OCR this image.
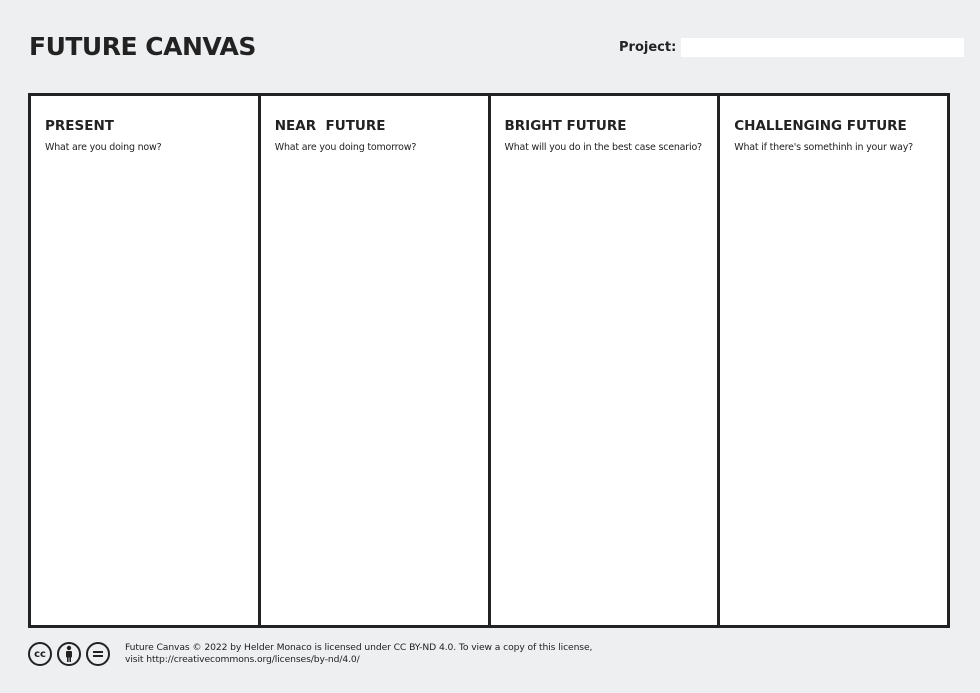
FUTURE CANVAS	Project:
PRESENT
What are you doing now?
NEAR  FUTURE
What are you doing tomorrow?
BRIGHT FUTURE
What will you do in the best case scenario?
CHALLENGING FUTURE
What if there's somethinh in your way?
cc
Future Canvas © 2022 by Helder Monaco is licensed under CC BY-ND 4.0. To view a copy of this license,
visit http://creativecommons.org/licenses/by-nd/4.0/
